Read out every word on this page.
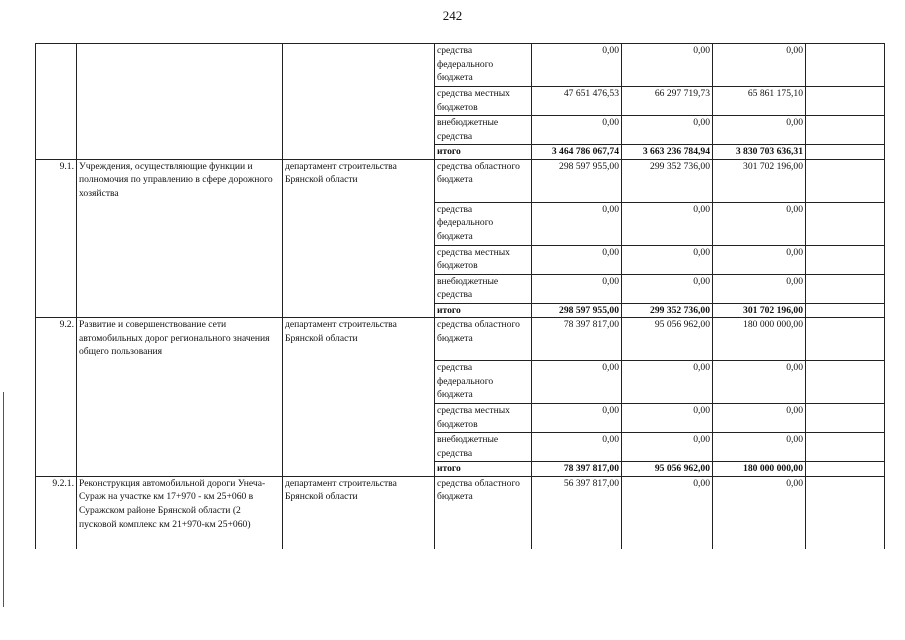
242
			средства федерального бюджета	0,00	0,00	0,00	
			средства местных бюджетов	47 651 476,53	66 297 719,73	65 861 175,10	
			внебюджетные средства	0,00	0,00	0,00	
			итого	3 464 786 067,74	3 663 236 784,94	3 830 703 636,31	
9.1.	Учреждения, осуществляющие функции и полномочия по управлению в сфере дорожного хозяйства	департамент строительства Брянской области	средства областного бюджета	298 597 955,00	299 352 736,00	301 702 196,00	
			средства федерального бюджета	0,00	0,00	0,00	
			средства местных бюджетов	0,00	0,00	0,00	
			внебюджетные средства	0,00	0,00	0,00	
			итого	298 597 955,00	299 352 736,00	301 702 196,00	
9.2.	Развитие и совершенствование сети автомобильных дорог регионального значения общего пользования	департамент строительства Брянской области	средства областного бюджета	78 397 817,00	95 056 962,00	180 000 000,00	
			средства федерального бюджета	0,00	0,00	0,00	
			средства местных бюджетов	0,00	0,00	0,00	
			внебюджетные средства	0,00	0,00	0,00	
			итого	78 397 817,00	95 056 962,00	180 000 000,00	
9.2.1.	Реконструкция автомобильной дороги Унеча-Сураж на участке км 17+970 - км 25+060 в Суражском районе Брянской области (2 пусковой комплекс км 21+970-км 25+060)	департамент строительства Брянской области	средства областного бюджета	56 397 817,00	0,00	0,00	
